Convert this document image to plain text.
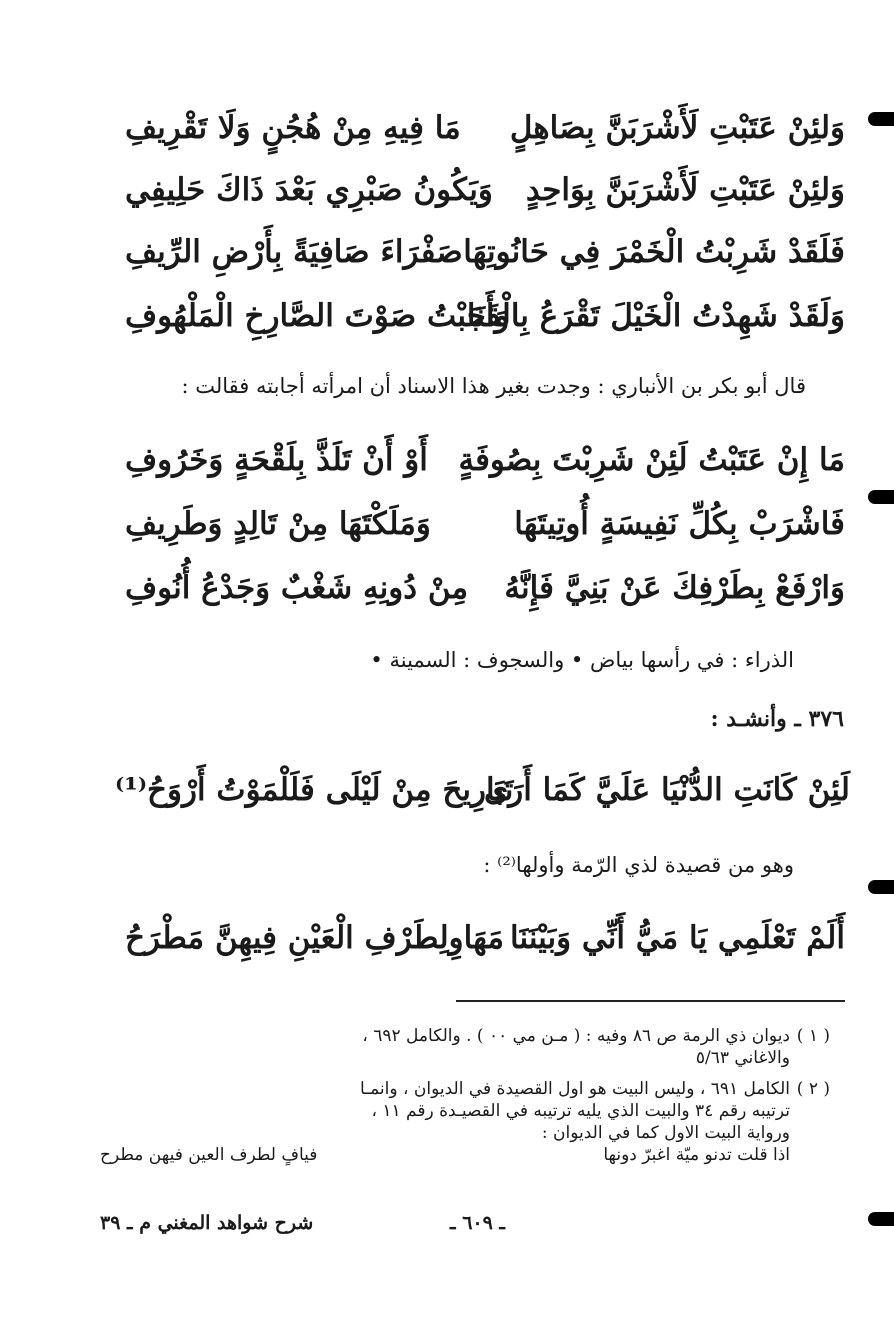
وَلئِنْ عَتَبْتِ لَأَشْرَبَنَّ بِصَاهِلٍ
مَا فِيهِ مِنْ هُجُنٍ وَلَا تَقْرِيفِ
وَلئِنْ عَتَبْتِ لَأَشْرَبَنَّ بِوَاحِدٍ
وَيَكُونُ صَبْرِي بَعْدَ ذَاكَ حَلِيفِي
فَلَقَدْ شَرِبْتُ الْخَمْرَ فِي حَانُوتِهَا
صَفْرَاءَ صَافِيَةً بِأَرْضِ الرِّيفِ
وَلَقَدْ شَهِدْتُ الْخَيْلَ تَقْرَعُ بِالْقَنَا
وَأَجَبْتُ صَوْتَ الصَّارِخِ الْمَلْهُوفِ
قال أبو بكر بن الأنباري : وجدت بغير هذا الاسناد أن امرأته أجابته فقالت :
مَا إِنْ عَتَبْتُ لَئِنْ شَرِبْتَ بِصُوفَةٍ
أَوْ أَنْ تَلَذَّ بِلَقْحَةٍ وَخَرُوفِ
فَاشْرَبْ بِكُلِّ نَفِيسَةٍ أُوتِيتَهَا
وَمَلَكْتَهَا مِنْ تَالِدٍ وَطَرِيفِ
وَارْفَعْ بِطَرْفِكَ عَنْ بَنِيَّ فَإِنَّهُ
مِنْ دُونِهِ شَغْبٌ وَجَدْعُ أُنُوفِ
الذراء : في رأسها بياض • والسجوف : السمينة •
٣٧٦ ـ وأنشـد :
لَئِنْ كَانَتِ الدُّنْيَا عَلَيَّ كَمَا أَرَى
تَبَارِيحَ مِنْ لَيْلَى فَلَلْمَوْتُ أَرْوَحُ⁽¹⁾
وهو من قصيدة لذي الرّمة وأولها⁽²⁾ :
أَلَمْ تَعْلَمِي يَا مَيُّ أَنِّي وَبَيْنَنَا
مَهَاوِلِطَرْفِ الْعَيْنِ فِيهِنَّ مَطْرَحُ
( ١ )
ديوان ذي الرمة ص ٨٦ وفيه : ( مـن مي ٠٠ ) . والكامل ٦٩٢ ،
والاغاني ٥/٦٣
( ٢ )
الكامل ٦٩١ ، وليس البيت هو اول القصيدة في الديوان ، وانمـا
ترتيبه رقم ٣٤ والبيت الذي يليه ترتيبه في القصيـدة رقم ١١ ،
ورواية البيت الاول كما في الديوان :
اذا قلت تدنو ميّة اغبرّ دونها
فيافٍ لطرف العين فيهن مطرح
ـ ٦٠٩ ـ
شرح شواهد المغني م ـ ٣٩
